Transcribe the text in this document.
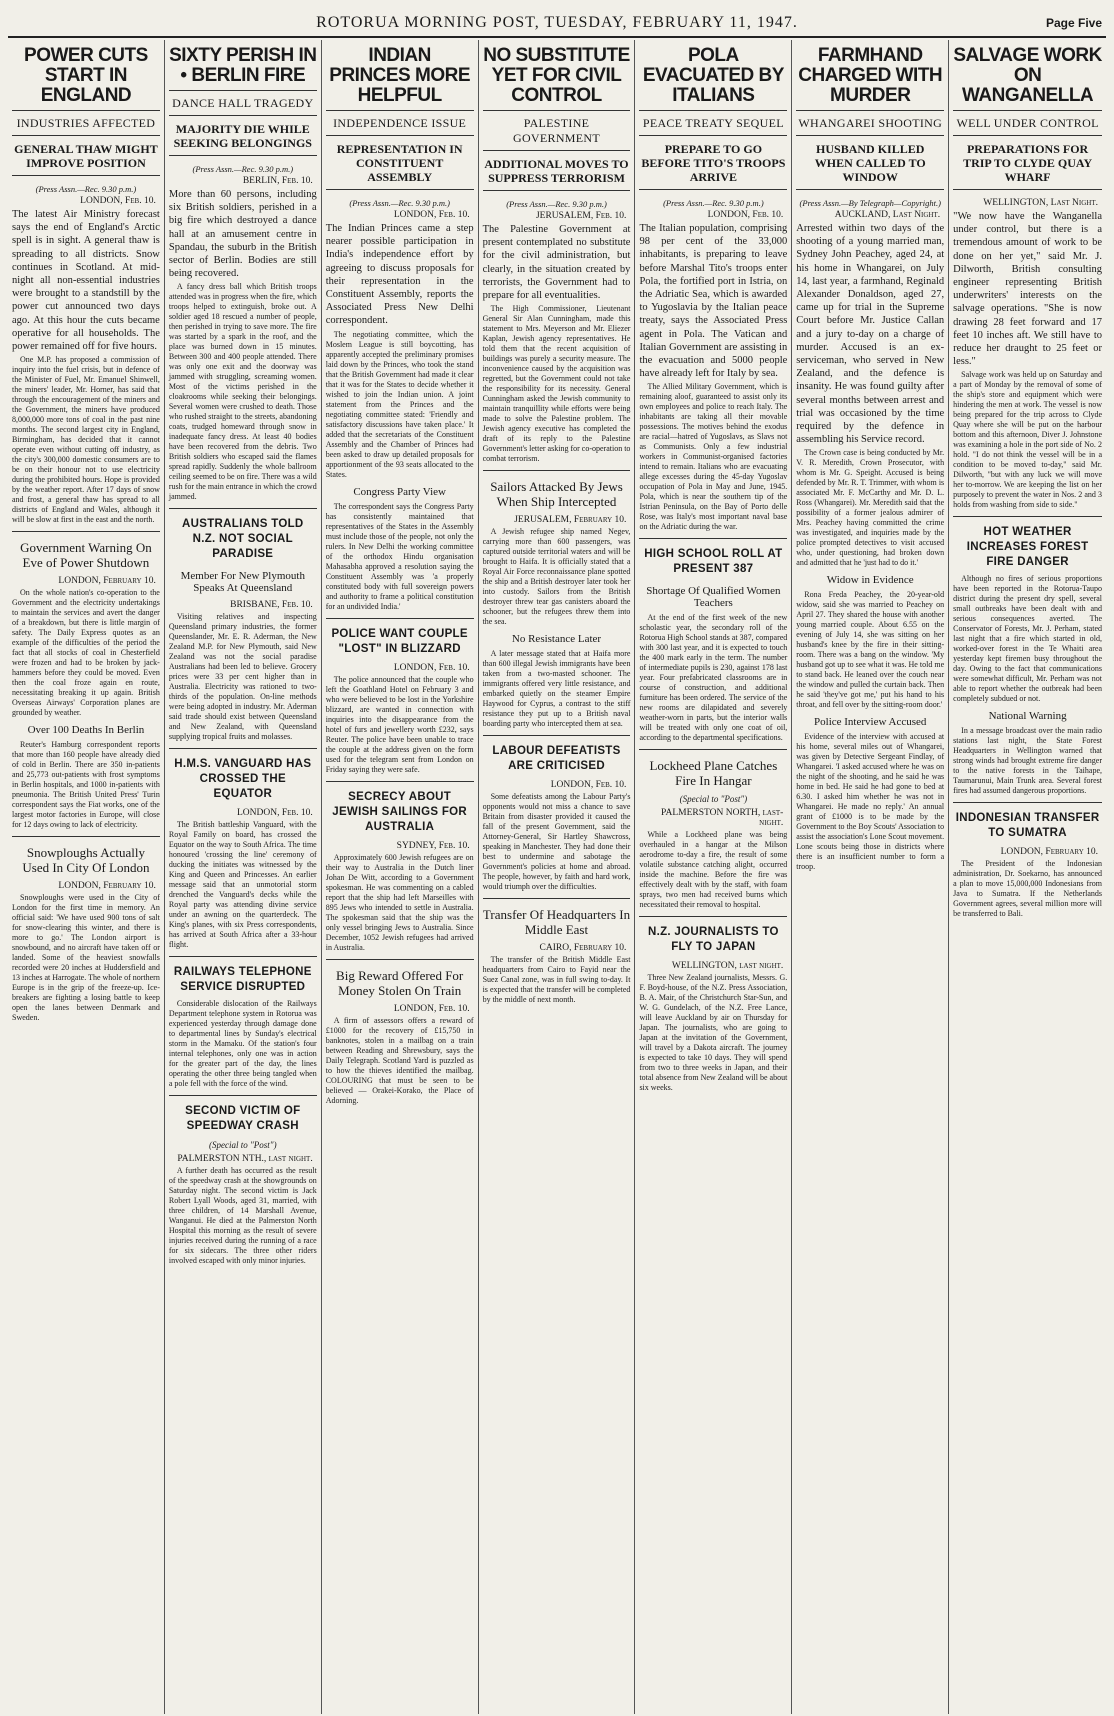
ROTORUA MORNING POST, TUESDAY, FEBRUARY 11, 1947.	Page Five
POWER CUTS START IN ENGLAND
INDUSTRIES AFFECTED
GENERAL THAW MIGHT IMPROVE POSITION
(Press Assn.—Rec. 9.30 p.m.)
LONDON, Feb. 10.

The latest Air Ministry forecast says the end of England's Arctic spell is in sight. A general thaw is spreading to all districts. Snow continues in Scotland. At mid-night all non-essential industries were brought to a standstill by the power cut announced two days ago. At this hour the cuts became operative for all households. The power remained off for five hours.

One M.P. has proposed a commission of inquiry into the fuel crisis, but in defence of the Minister of Fuel, Mr. Emanuel Shinwell, the miners' leader, Mr. Horner, has said that through the encouragement of the miners and the Government, the miners have produced 8,000,000 more tons of coal in the past nine months. The second largest city in England, Birmingham, has decided that it cannot operate even without cutting off industry, as the city's 300,000 domestic consumers are to be on their honour not to use electricity during the prohibited hours. Hope is provided by the weather report. After 17 days of snow and frost, a general thaw has spread to all districts of England and Wales, although it will be slow at first in the east and the north.

Government Warning On Eve of Power Shutdown
LONDON, February 10.

On the whole nation's co-operation to the Government and the electricity undertakings to maintain the services and avert the danger of a breakdown, but there is little margin of safety. The Daily Express quotes as an example of the difficulties of the period the fact that all stocks of coal in Chesterfield were frozen and had to be broken by jack-hammers before they could be moved. Even then the coal froze again en route, necessitating breaking it up again. British Overseas Airways' Corporation planes are grounded by weather.

Over 100 Deaths In Berlin

Reuter's Hamburg correspondent reports that more than 160 people have already died of cold in Berlin. There are 350 in-patients and 25,773 out-patients with frost symptoms in Berlin hospitals, and 1000 in-patients with pneumonia. The British United Press' Turin correspondent says the Fiat works, one of the largest motor factories in Europe, will close for 12 days owing to lack of electricity.

Snowploughs Actually Used In City Of London
LONDON, February 10.

Snowploughs were used in the City of London for the first time in memory. An official said: 'We have used 900 tons of salt for snow-clearing this winter, and there is more to go.' The London airport is snowbound, and no aircraft have taken off or landed. Some of the heaviest snowfalls recorded were 20 inches at Huddersfield and 13 inches at Harrogate. The whole of northern Europe is in the grip of the freeze-up. Ice-breakers are fighting a losing battle to keep open the lanes between Denmark and Sweden.

SIXTY PERISH IN • BERLIN FIRE
DANCE HALL TRAGEDY
MAJORITY DIE WHILE SEEKING BELONGINGS
(Press Assn.—Rec. 9.30 p.m.)
BERLIN, Feb. 10.

More than 60 persons, including six British soldiers, perished in a big fire which destroyed a dance hall at an amusement centre in Spandau, the suburb in the British sector of Berlin. Bodies are still being recovered.

A fancy dress ball which British troops attended was in progress when the fire, which troops helped to extinguish, broke out. A soldier aged 18 rescued a number of people, then perished in trying to save more. The fire was started by a spark in the roof, and the place was burned down in 15 minutes. Between 300 and 400 people attended. There was only one exit and the doorway was jammed with struggling, screaming women. Most of the victims perished in the cloakrooms while seeking their belongings. Several women were crushed to death. Those who rushed straight to the streets, abandoning coats, trudged homeward through snow in inadequate fancy dress. At least 40 bodies have been recovered from the debris. Two British soldiers who escaped said the flames spread rapidly. Suddenly the whole ballroom ceiling seemed to be on fire. There was a wild rush for the main entrance in which the crowd jammed.

AUSTRALIANS TOLD N.Z. NOT SOCIAL PARADISE
Member For New Plymouth Speaks At Queensland
BRISBANE, Feb. 10.

Visiting relatives and inspecting Queensland primary industries, the former Queenslander, Mr. E. R. Aderman, the New Zealand M.P. for New Plymouth, said New Zealand was not the social paradise Australians had been led to believe. Grocery prices were 33 per cent higher than in Australia. Electricity was rationed to two-thirds of the population. On-line methods were being adopted in industry. Mr. Aderman said trade should exist between Queensland and New Zealand, with Queensland supplying tropical fruits and molasses.

H.M.S. VANGUARD HAS CROSSED THE EQUATOR
LONDON, Feb. 10.

The British battleship Vanguard, with the Royal Family on board, has crossed the Equator on the way to South Africa. The time honoured 'crossing the line' ceremony of ducking the initiates was witnessed by the King and Queen and Princesses. An earlier message said that an unmotorial storm drenched the Vanguard's decks while the Royal party was attending divine service under an awning on the quarterdeck. The King's planes, with six Press correspondents, has arrived at South Africa after a 33-hour flight.

RAILWAYS TELEPHONE SERVICE DISRUPTED

Considerable dislocation of the Railways Department telephone system in Rotorua was experienced yesterday through damage done to departmental lines by Sunday's electrical storm in the Mamaku. Of the station's four internal telephones, only one was in action for the greater part of the day, the lines operating the other three being tangled when a pole fell with the force of the wind.

SECOND VICTIM OF SPEEDWAY CRASH
(Special to "Post")
PALMERSTON NTH., last night.

A further death has occurred as the result of the speedway crash at the showgrounds on Saturday night. The second victim is Jack Robert Lyall Woods, aged 31, married, with three children, of 14 Marshall Avenue, Wanganui. He died at the Palmerston North Hospital this morning as the result of severe injuries received during the running of a race for six sidecars. The three other riders involved escaped with only minor injuries.

INDIAN PRINCES MORE HELPFUL
INDEPENDENCE ISSUE
REPRESENTATION IN CONSTITUENT ASSEMBLY
(Press Assn.—Rec. 9.30 p.m.)
LONDON, Feb. 10.

The Indian Princes came a step nearer possible participation in India's independence effort by agreeing to discuss proposals for their representation in the Constituent Assembly, reports the Associated Press New Delhi correspondent.

The negotiating committee, which the Moslem League is still boycotting, has apparently accepted the preliminary promises laid down by the Princes, who took the stand that the British Government had made it clear that it was for the States to decide whether it wished to join the Indian union. A joint statement from the Princes and the negotiating committee stated: 'Friendly and satisfactory discussions have taken place.' It added that the secretariats of the Constituent Assembly and the Chamber of Princes had been asked to draw up detailed proposals for apportionment of the 93 seats allocated to the States.

Congress Party View

The correspondent says the Congress Party has consistently maintained that representatives of the States in the Assembly must include those of the people, not only the rulers. In New Delhi the working committee of the orthodox Hindu organisation Mahasabha approved a resolution saying the Constituent Assembly was 'a properly constituted body with full sovereign powers and authority to frame a political constitution for an undivided India.'

POLICE WANT COUPLE "LOST" IN BLIZZARD
LONDON, Feb. 10.

The police announced that the couple who left the Goathland Hotel on February 3 and who were believed to be lost in the Yorkshire blizzard, are wanted in connection with inquiries into the disappearance from the hotel of furs and jewellery worth £232, says Reuter. The police have been unable to trace the couple at the address given on the form used for the telegram sent from London on Friday saying they were safe.

SECRECY ABOUT JEWISH SAILINGS FOR AUSTRALIA
SYDNEY, Feb. 10.

Approximately 600 Jewish refugees are on their way to Australia in the Dutch liner Johan De Witt, according to a Government spokesman. He was commenting on a cabled report that the ship had left Marseilles with 895 Jews who intended to settle in Australia. The spokesman said that the ship was the only vessel bringing Jews to Australia. Since December, 1052 Jewish refugees had arrived in Australia.

Big Reward Offered For Money Stolen On Train
LONDON, Feb. 10.

A firm of assessors offers a reward of £1000 for the recovery of £15,750 in banknotes, stolen in a mailbag on a train between Reading and Shrewsbury, says the Daily Telegraph. Scotland Yard is puzzled as to how the thieves identified the mailbag. COLOURING that must be seen to be believed — Orakei-Korako, the Place of Adorning.

NO SUBSTITUTE YET FOR CIVIL CONTROL
PALESTINE GOVERNMENT
ADDITIONAL MOVES TO SUPPRESS TERRORISM
(Press Assn.—Rec. 9.30 p.m.)
JERUSALEM, Feb. 10.

The Palestine Government at present contemplated no substitute for the civil administration, but clearly, in the situation created by terrorists, the Government had to prepare for all eventualities.

The High Commissioner, Lieutenant General Sir Alan Cunningham, made this statement to Mrs. Meyerson and Mr. Eliezer Kaplan, Jewish agency representatives. He told them that the recent acquisition of buildings was purely a security measure. The inconvenience caused by the acquisition was regretted, but the Government could not take the responsibility for its necessity. General Cunningham asked the Jewish community to maintain tranquillity while efforts were being made to solve the Palestine problem. The Jewish agency executive has completed the draft of its reply to the Palestine Government's letter asking for co-operation to combat terrorism.

Sailors Attacked By Jews When Ship Intercepted
JERUSALEM, February 10.

A Jewish refugee ship named Negev, carrying more than 600 passengers, was captured outside territorial waters and will be brought to Haifa. It is officially stated that a Royal Air Force reconnaissance plane spotted the ship and a British destroyer later took her into custody. Sailors from the British destroyer threw tear gas canisters aboard the schooner, but the refugees threw them into the sea.

No Resistance Later

A later message stated that at Haifa more than 600 illegal Jewish immigrants have been taken from a two-masted schooner. The immigrants offered very little resistance, and embarked quietly on the steamer Empire Haywood for Cyprus, a contrast to the stiff resistance they put up to a British naval boarding party who intercepted them at sea.

LABOUR DEFEATISTS ARE CRITICISED
LONDON, Feb. 10.

Some defeatists among the Labour Party's opponents would not miss a chance to save Britain from disaster provided it caused the fall of the present Government, said the Attorney-General, Sir Hartley Shawcross, speaking in Manchester. They had done their best to undermine and sabotage the Government's policies at home and abroad. The people, however, by faith and hard work, would triumph over the difficulties.

Transfer Of Headquarters In Middle East
CAIRO, February 10.

The transfer of the British Middle East headquarters from Cairo to Fayid near the Suez Canal zone, was in full swing to-day. It is expected that the transfer will be completed by the middle of next month.

POLA EVACUATED BY ITALIANS
PEACE TREATY SEQUEL
PREPARE TO GO BEFORE TITO'S TROOPS ARRIVE
(Press Assn.—Rec. 9.30 p.m.)
LONDON, Feb. 10.

The Italian population, comprising 98 per cent of the 33,000 inhabitants, is preparing to leave before Marshal Tito's troops enter Pola, the fortified port in Istria, on the Adriatic Sea, which is awarded to Yugoslavia by the Italian peace treaty, says the Associated Press agent in Pola. The Vatican and Italian Government are assisting in the evacuation and 5000 people have already left for Italy by sea.

The Allied Military Government, which is remaining aloof, guaranteed to assist only its own employees and police to reach Italy. The inhabitants are taking all their movable possessions. The motives behind the exodus are racial—hatred of Yugoslavs, as Slavs not as Communists. Only a few industrial workers in Communist-organised factories intend to remain. Italians who are evacuating allege excesses during the 45-day Yugoslav occupation of Pola in May and June, 1945. Pola, which is near the southern tip of the Istrian Peninsula, on the Bay of Porto delle Rose, was Italy's most important naval base on the Adriatic during the war.

HIGH SCHOOL ROLL AT PRESENT 387
Shortage Of Qualified Women Teachers

At the end of the first week of the new scholastic year, the secondary roll of the Rotorua High School stands at 387, compared with 300 last year, and it is expected to touch the 400 mark early in the term. The number of intermediate pupils is 230, against 178 last year. Four prefabricated classrooms are in course of construction, and additional furniture has been ordered. The service of the new rooms are dilapidated and severely weather-worn in parts, but the interior walls will be treated with only one coat of oil, according to the departmental specifications.

Lockheed Plane Catches Fire In Hangar
(Special to "Post")
PALMERSTON NORTH, last-night.

While a Lockheed plane was being overhauled in a hangar at the Milson aerodrome to-day a fire, the result of some volatile substance catching alight, occurred inside the machine. Before the fire was effectively dealt with by the staff, with foam sprays, two men had received burns which necessitated their removal to hospital.

N.Z. JOURNALISTS TO FLY TO JAPAN
WELLINGTON, last night.

Three New Zealand journalists, Messrs. G. F. Boyd-house, of the N.Z. Press Association, B. A. Mair, of the Christchurch Star-Sun, and W. G. Gundelach, of the N.Z. Free Lance, will leave Auckland by air on Thursday for Japan. The journalists, who are going to Japan at the invitation of the Government, will travel by a Dakota aircraft. The journey is expected to take 10 days. They will spend from two to three weeks in Japan, and their total absence from New Zealand will be about six weeks.

FARMHAND CHARGED WITH MURDER
WHANGAREI SHOOTING
HUSBAND KILLED WHEN CALLED TO WINDOW
(Press Assn.—By Telegraph—Copyright.)
AUCKLAND, Last Night.

Arrested within two days of the shooting of a young married man, Sydney John Peachey, aged 24, at his home in Whangarei, on July 14, last year, a farmhand, Reginald Alexander Donaldson, aged 27, came up for trial in the Supreme Court before Mr. Justice Callan and a jury to-day on a charge of murder. Accused is an ex-serviceman, who served in New Zealand, and the defence is insanity. He was found guilty after several months between arrest and trial was occasioned by the time required by the defence in assembling his Service record.

The Crown case is being conducted by Mr. V. R. Meredith, Crown Prosecutor, with whom is Mr. G. Speight. Accused is being defended by Mr. R. T. Trimmer, with whom is associated Mr. F. McCarthy and Mr. D. L. Ross (Whangarei). Mr. Meredith said that the possibility of a former jealous admirer of Mrs. Peachey having committed the crime was investigated, and inquiries made by the police prompted detectives to visit accused who, under questioning, had broken down and admitted that he 'just had to do it.'

Widow in Evidence

Rona Freda Peachey, the 20-year-old widow, said she was married to Peachey on April 27. They shared the house with another young married couple. About 6.55 on the evening of July 14, she was sitting on her husband's knee by the fire in their sitting-room. There was a bang on the window. 'My husband got up to see what it was. He told me to stand back. He leaned over the couch near the window and pulled the curtain back. Then he said 'they've got me,' put his hand to his throat, and fell over by the sitting-room door.'

Police Interview Accused

Evidence of the interview with accused at his home, several miles out of Whangarei, was given by Detective Sergeant Findlay, of Whangarei. 'I asked accused where he was on the night of the shooting, and he said he was home in bed. He said he had gone to bed at 6.30. I asked him whether he was not in Whangarei. He made no reply.' An annual grant of £1000 is to be made by the Government to the Boy Scouts' Association to assist the association's Lone Scout movement. Lone scouts being those in districts where there is an insufficient number to form a troop.

SALVAGE WORK ON WANGANELLA
WELL UNDER CONTROL
PREPARATIONS FOR TRIP TO CLYDE QUAY WHARF
WELLINGTON, Last Night.

"We now have the Wanganella under control, but there is a tremendous amount of work to be done on her yet," said Mr. J. Dilworth, British consulting engineer representing British underwriters' interests on the salvage operations. "She is now drawing 28 feet forward and 17 feet 10 inches aft. We still have to reduce her draught to 25 feet or less."

Salvage work was held up on Saturday and a part of Monday by the removal of some of the ship's store and equipment which were hindering the men at work. The vessel is now being prepared for the trip across to Clyde Quay where she will be put on the harbour bottom and this afternoon, Diver J. Johnstone was examining a hole in the port side of No. 2 hold. "I do not think the vessel will be in a condition to be moved to-day," said Mr. Dilworth, "but with any luck we will move her to-morrow. We are keeping the list on her purposely to prevent the water in Nos. 2 and 3 holds from washing from side to side."

HOT WEATHER INCREASES FOREST FIRE DANGER

Although no fires of serious proportions have been reported in the Rotorua-Taupo district during the present dry spell, several small outbreaks have been dealt with and serious consequences averted. The Conservator of Forests, Mr. J. Perham, stated last night that a fire which started in old, worked-over forest in the Te Whaiti area yesterday kept firemen busy throughout the day. Owing to the fact that communications were somewhat difficult, Mr. Perham was not able to report whether the outbreak had been completely subdued or not.

National Warning

In a message broadcast over the main radio stations last night, the State Forest Headquarters in Wellington warned that strong winds had brought extreme fire danger to the native forests in the Taihape, Taumarunui, Main Trunk area. Several forest fires had assumed dangerous proportions.

INDONESIAN TRANSFER TO SUMATRA
LONDON, February 10.

The President of the Indonesian administration, Dr. Soekarno, has announced a plan to move 15,000,000 Indonesians from Java to Sumatra. If the Netherlands Government agrees, several million more will be transferred to Bali.
